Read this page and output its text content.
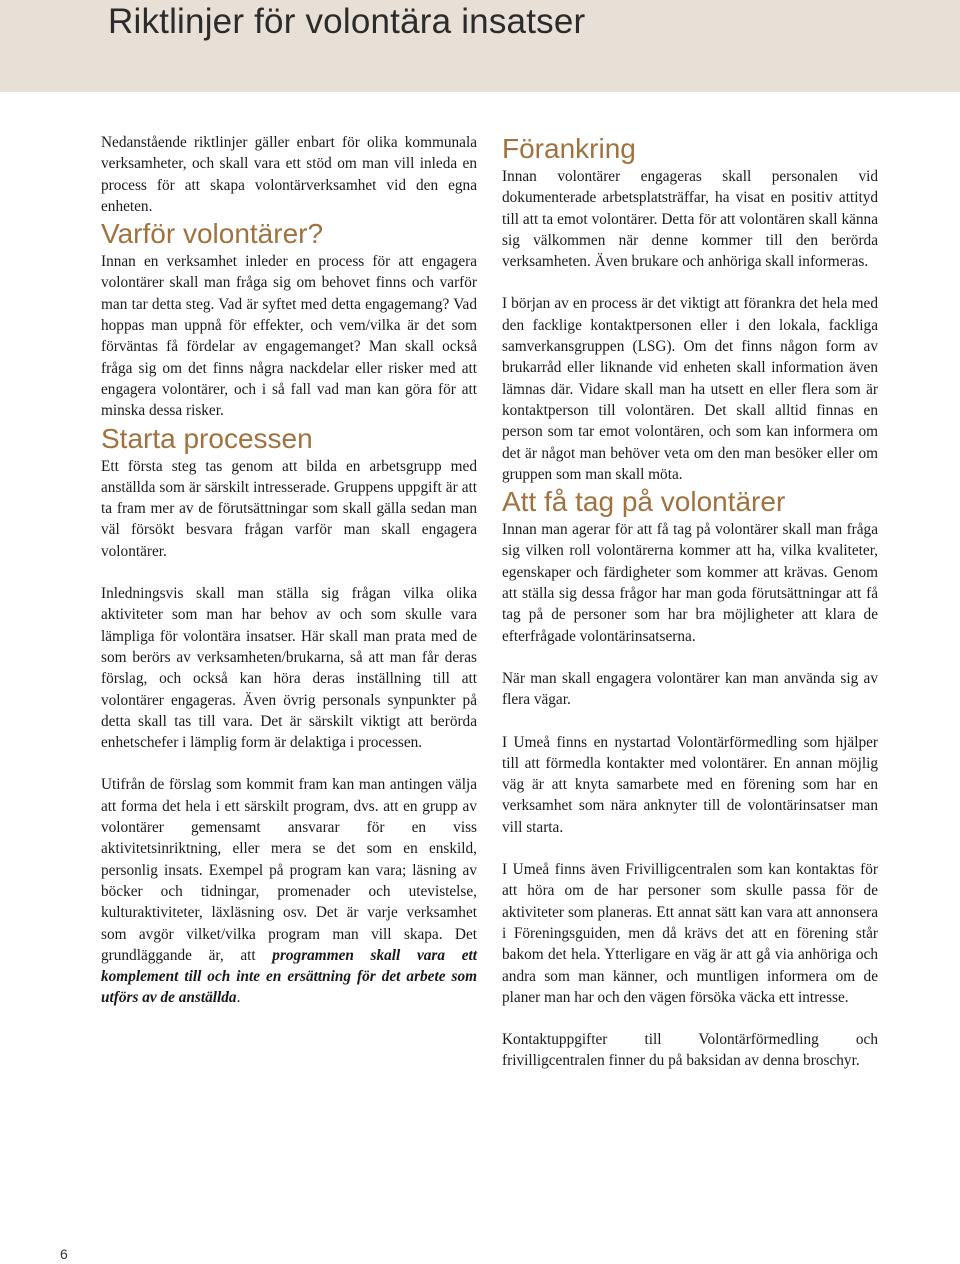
Riktlinjer för volontära insatser

Nedanstående riktlinjer gäller enbart för olika kommunala verksamheter, och skall vara ett stöd om man vill inleda en process för att skapa volontärverksamhet vid den egna enheten.

Varför volontärer?

Innan en verksamhet inleder en process för att engagera volontärer skall man fråga sig om behovet finns och varför man tar detta steg. Vad är syftet med detta engagemang? Vad hoppas man uppnå för effekter, och vem/vilka är det som förväntas få fördelar av engagemanget? Man skall också fråga sig om det finns några nackdelar eller risker med att engagera volontärer, och i så fall vad man kan göra för att minska dessa risker.

Starta processen

Ett första steg tas genom att bilda en arbetsgrupp med anställda som är särskilt intresserade. Gruppens uppgift är att ta fram mer av de förutsättningar som skall gälla sedan man väl försökt besvara frågan varför man skall engagera volontärer.

Inledningsvis skall man ställa sig frågan vilka olika aktiviteter som man har behov av och som skulle vara lämpliga för volontära insatser. Här skall man prata med de som berörs av verksamheten/brukarna, så att man får deras förslag, och också kan höra deras inställning till att volontärer engageras. Även övrig personals synpunkter på detta skall tas till vara. Det är särskilt viktigt att berörda enhetschefer i lämplig form är delaktiga i processen.

Utifrån de förslag som kommit fram kan man antingen välja att forma det hela i ett särskilt program, dvs. att en grupp av volontärer gemensamt ansvarar för en viss aktivitetsinriktning, eller mera se det som en enskild, personlig insats. Exempel på program kan vara; läsning av böcker och tidningar, promenader och utevistelse, kulturaktiviteter, läxläsning osv. Det är varje verksamhet som avgör vilket/vilka program man vill skapa. Det grundläggande är, att programmen skall vara ett komplement till och inte en ersättning för det arbete som utförs av de anställda.

Förankring

Innan volontärer engageras skall personalen vid dokumenterade arbetsplatsträffar, ha visat en positiv attityd till att ta emot volontärer. Detta för att volontären skall känna sig välkommen när denne kommer till den berörda verksamheten. Även brukare och anhöriga skall informeras.

I början av en process är det viktigt att förankra det hela med den facklige kontaktpersonen eller i den lokala, fackliga samverkansgruppen (LSG). Om det finns någon form av brukarråd eller liknande vid enheten skall information även lämnas där. Vidare skall man ha utsett en eller flera som är kontaktperson till volontären. Det skall alltid finnas en person som tar emot volontären, och som kan informera om det är något man behöver veta om den man besöker eller om gruppen som man skall möta.

Att få tag på volontärer

Innan man agerar för att få tag på volontärer skall man fråga sig vilken roll volontärerna kommer att ha, vilka kvaliteter, egenskaper och färdigheter som kommer att krävas. Genom att ställa sig dessa frågor har man goda förutsättningar att få tag på de personer som har bra möjligheter att klara de efterfrågade volontärinsatserna.

När man skall engagera volontärer kan man använda sig av flera vägar.

I Umeå finns en nystartad Volontärförmedling som hjälper till att förmedla kontakter med volontärer. En annan möjlig väg är att knyta samarbete med en förening som har en verksamhet som nära anknyter till de volontärinsatser man vill starta.

I Umeå finns även Frivilligcentralen som kan kontaktas för att höra om de har personer som skulle passa för de aktiviteter som planeras. Ett annat sätt kan vara att annonsera i Föreningsguiden, men då krävs det att en förening står bakom det hela. Ytterligare en väg är att gå via anhöriga och andra som man känner, och muntligen informera om de planer man har och den vägen försöka väcka ett intresse.

Kontaktuppgifter till Volontärförmedling och frivilligcentralen finner du på baksidan av denna broschyr.

6
